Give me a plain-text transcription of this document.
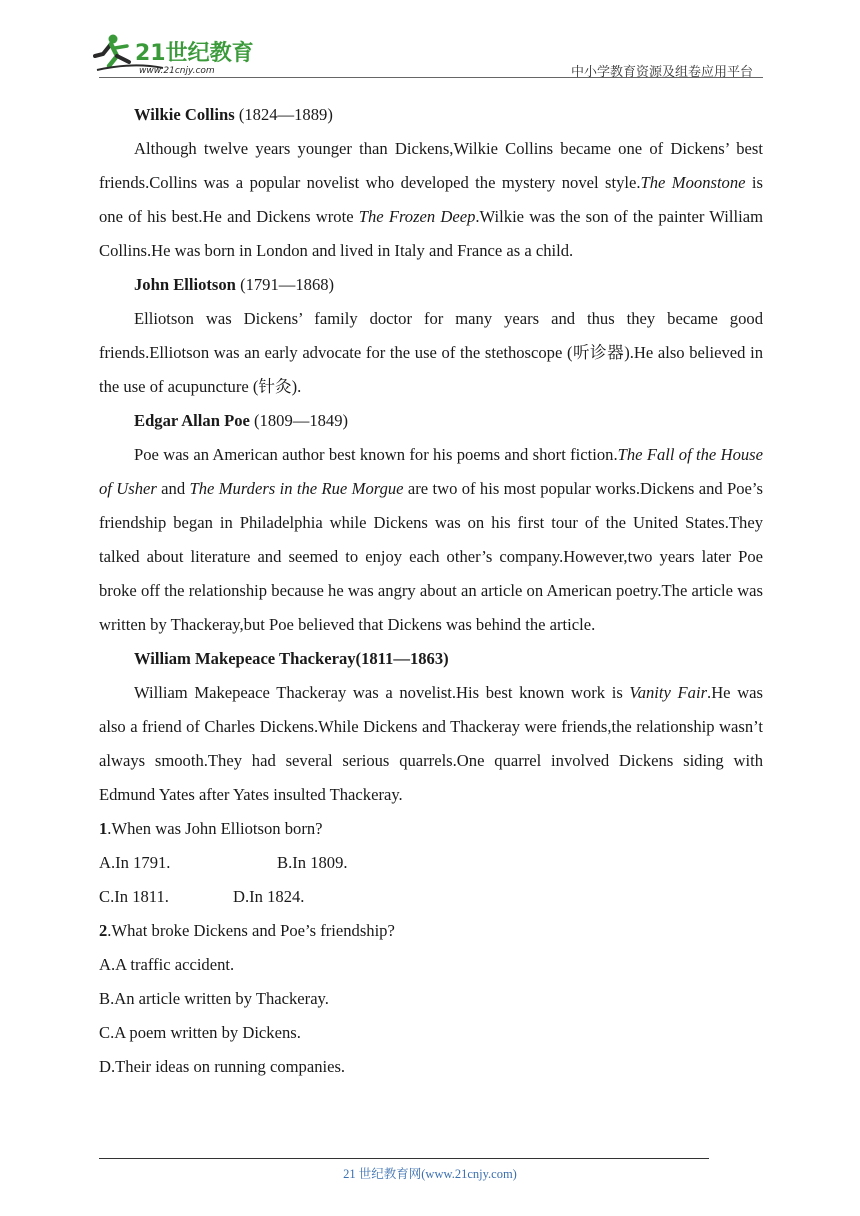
21世纪教育
www.21cnjy.com	中小学教育资源及组卷应用平台

Wilkie Collins (1824—1889)

Although twelve years younger than Dickens,Wilkie Collins became one of Dickens’ best friends.Collins was a popular novelist who developed the mystery novel style.The Moonstone is one of his best.He and Dickens wrote The Frozen Deep.Wilkie was the son of the painter William Collins.He was born in London and lived in Italy and France as a child.

John Elliotson (1791—1868)

Elliotson was Dickens’ family doctor for many years and thus they became good friends.Elliotson was an early advocate for the use of the stethoscope (听诊器).He also believed in the use of acupuncture (针灸).

Edgar Allan Poe (1809—1849)

Poe was an American author best known for his poems and short fiction.The Fall of the House of Usher and The Murders in the Rue Morgue are two of his most popular works.Dickens and Poe’s friendship began in Philadelphia while Dickens was on his first tour of the United States.They talked about literature and seemed to enjoy each other’s company.However,two years later Poe broke off the relationship because he was angry about an article on American poetry.The article was written by Thackeray,but Poe believed that Dickens was behind the article.

William Makepeace Thackeray(1811—1863)

William Makepeace Thackeray was a novelist.His best known work is Vanity Fair.He was also a friend of Charles Dickens.While Dickens and Thackeray were friends,the relationship wasn’t always smooth.They had several serious quarrels.One quarrel involved Dickens siding with Edmund Yates after Yates insulted Thackeray.

1.When was John Elliotson born?

A.In 1791.	B.In 1809.

C.In 1811.	D.In 1824.

2.What broke Dickens and Poe’s friendship?

A.A traffic accident.

B.An article written by Thackeray.

C.A poem written by Dickens.

D.Their ideas on running companies.

21 世纪教育网(www.21cnjy.com)
